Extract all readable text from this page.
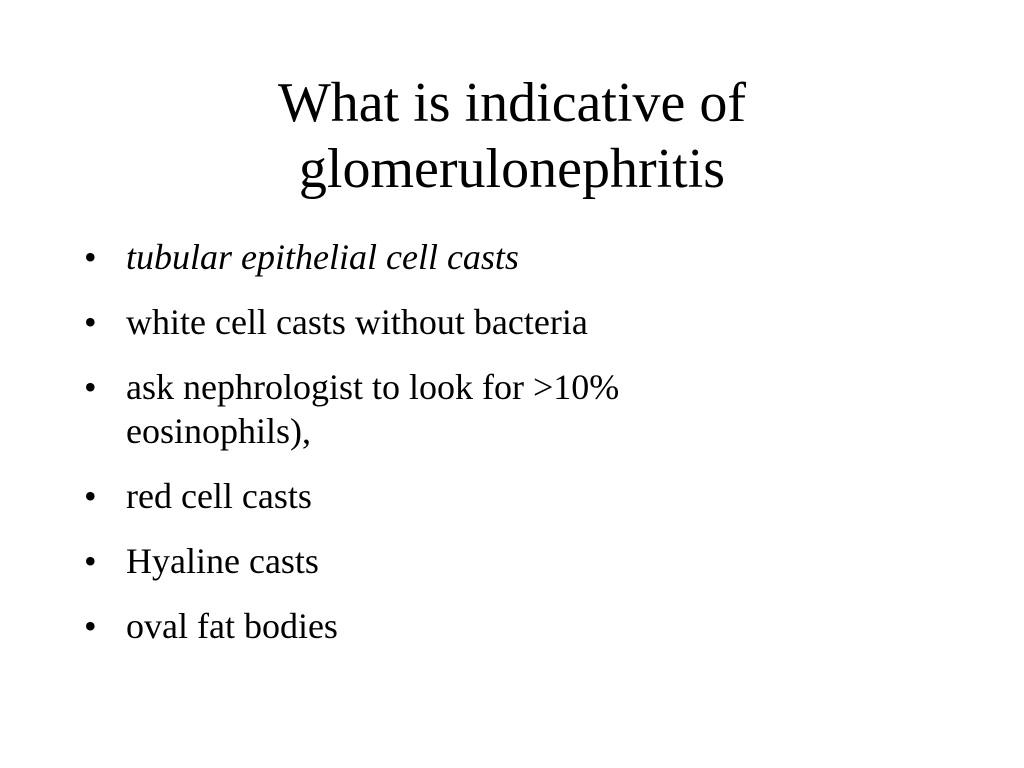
What is indicative of glomerulonephritis
• tubular epithelial cell casts
• white cell casts without bacteria
• ask nephrologist to look for >10% eosinophils),
• red cell casts
• Hyaline casts
• oval fat bodies
